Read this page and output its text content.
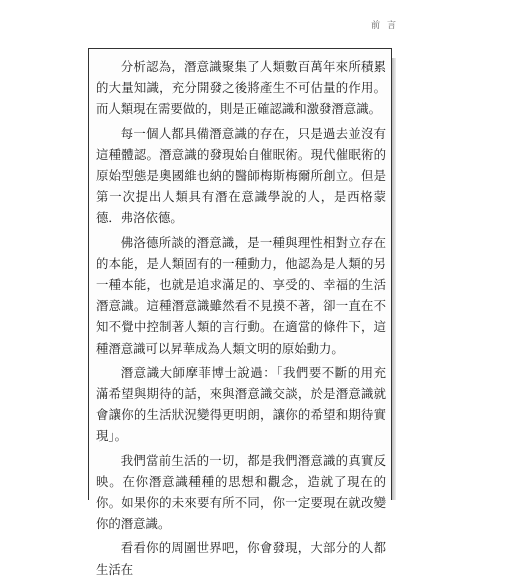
前 言

分析認為，潛意識聚集了人類數百萬年來所積累的大量知識，充分開發之後將產生不可估量的作用。而人類現在需要做的，則是正確認識和激發潛意識。

每一個人都具備潛意識的存在，只是過去並沒有這種體認。潛意識的發現始自催眠術。現代催眠術的原始型態是奧國維也納的醫師梅斯梅爾所創立。但是第一次提出人類具有潛在意識學說的人，是西格蒙德．弗洛依德。

佛洛德所談的潛意識，是一種與理性相對立存在的本能，是人類固有的一種動力，他認為是人類的另一種本能，也就是追求滿足的、享受的、幸福的生活潛意識。這種潛意識雖然看不見摸不著，卻一直在不知不覺中控制著人類的言行動。在適當的條件下，這種潛意識可以昇華成為人類文明的原始動力。

潛意識大師摩菲博士說過：「我們要不斷的用充滿希望與期待的話，來與潛意識交談，於是潛意識就會讓你的生活狀況變得更明朗，讓你的希望和期待實現」。

我們當前生活的一切，都是我們潛意識的真實反映。在你潛意識種種的思想和觀念，造就了現在的你。如果你的未來要有所不同，你一定要現在就改變你的潛意識。

看看你的周圍世界吧，你會發現，大部分的人都生活在
